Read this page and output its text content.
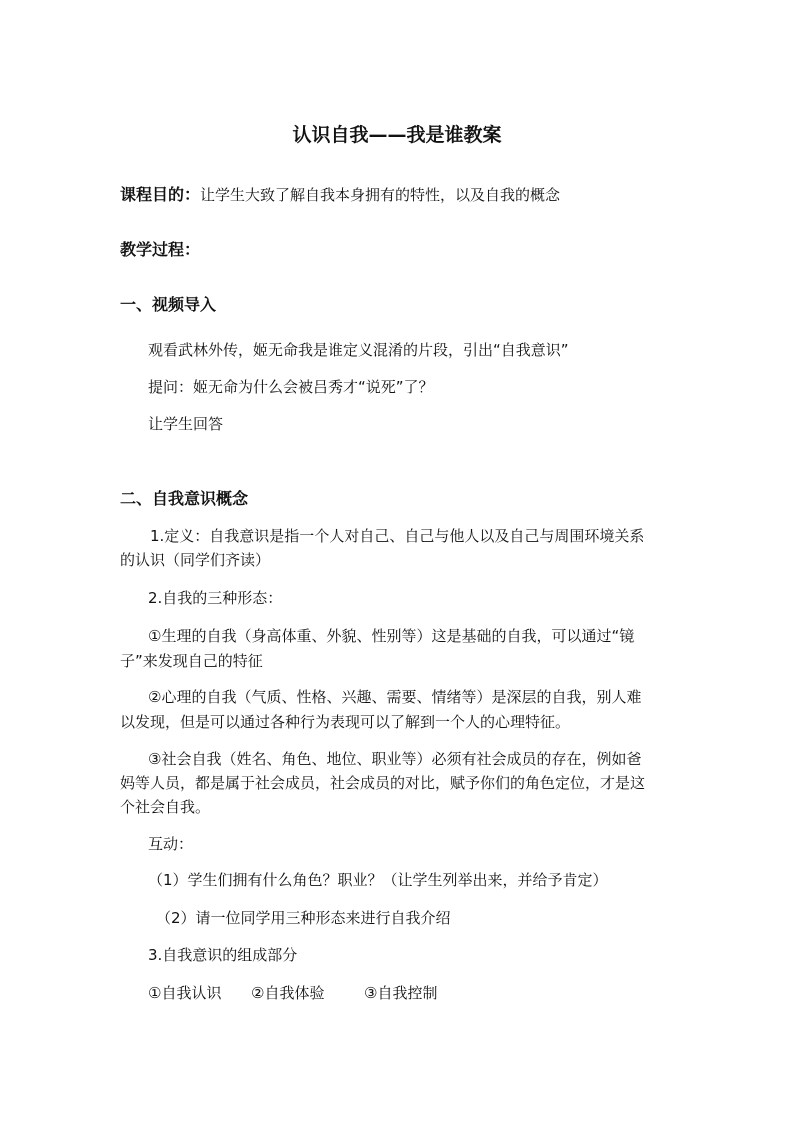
认识自我——我是谁教案
课程目的：让学生大致了解自我本身拥有的特性，以及自我的概念
教学过程：
一、视频导入
观看武林外传，姬无命我是谁定义混淆的片段，引出“自我意识”
提问：姬无命为什么会被吕秀才“说死”了？
让学生回答
二、自我意识概念
1.定义：自我意识是指一个人对自己、自己与他人以及自己与周围环境关系
的认识（同学们齐读）
2.自我的三种形态：
①生理的自我（身高体重、外貌、性别等）这是基础的自我，可以通过“镜
子”来发现自己的特征
②心理的自我（气质、性格、兴趣、需要、情绪等）是深层的自我，别人难
以发现，但是可以通过各种行为表现可以了解到一个人的心理特征。
③社会自我（姓名、角色、地位、职业等）必须有社会成员的存在，例如爸
妈等人员，都是属于社会成员，社会成员的对比，赋予你们的角色定位，才是这
个社会自我。
互动：
（1）学生们拥有什么角色？职业？（让学生列举出来，并给予肯定）
（2）请一位同学用三种形态来进行自我介绍
3.自我意识的组成部分
①自我认识 ②自我体验	③自我控制
